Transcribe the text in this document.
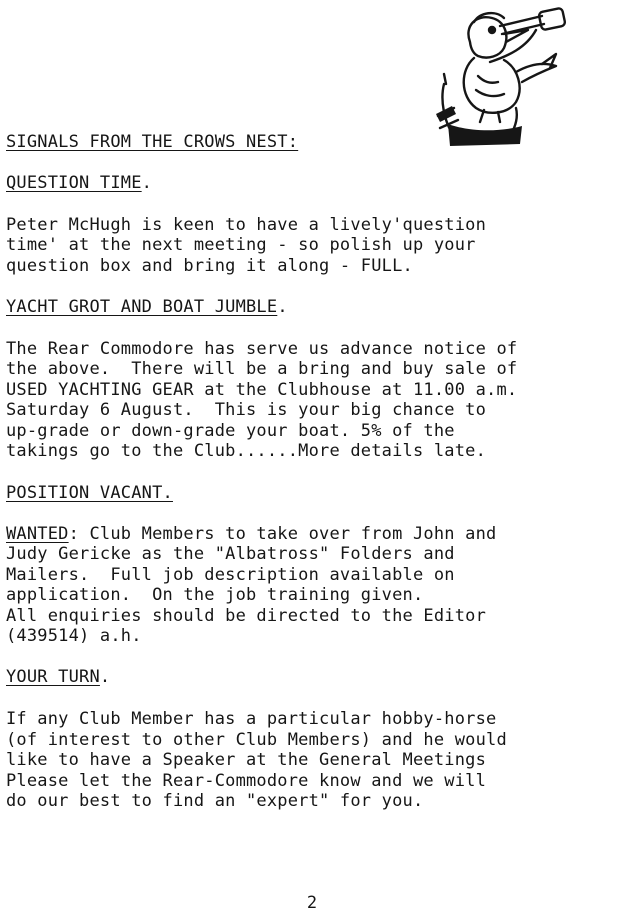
SIGNALS FROM THE CROWS NEST:
QUESTION TIME.
Peter McHugh is keen to have a lively'question
time' at the next meeting - so polish up your
question box and bring it along - FULL.
YACHT GROT AND BOAT JUMBLE.
The Rear Commodore has serve us advance notice of
the above.  There will be a bring and buy sale of
USED YACHTING GEAR at the Clubhouse at 11.00 a.m.
Saturday 6 August.  This is your big chance to
up-grade or down-grade your boat. 5% of the
takings go to the Club......More details late.
POSITION VACANT.
WANTED: Club Members to take over from John and
Judy Gericke as the "Albatross" Folders and
Mailers.  Full job description available on
application.  On the job training given.
All enquiries should be directed to the Editor
(439514) a.h.
YOUR TURN.
If any Club Member has a particular hobby-horse
(of interest to other Club Members) and he would
like to have a Speaker at the General Meetings
Please let the Rear-Commodore know and we will
do our best to find an "expert" for you.
2
